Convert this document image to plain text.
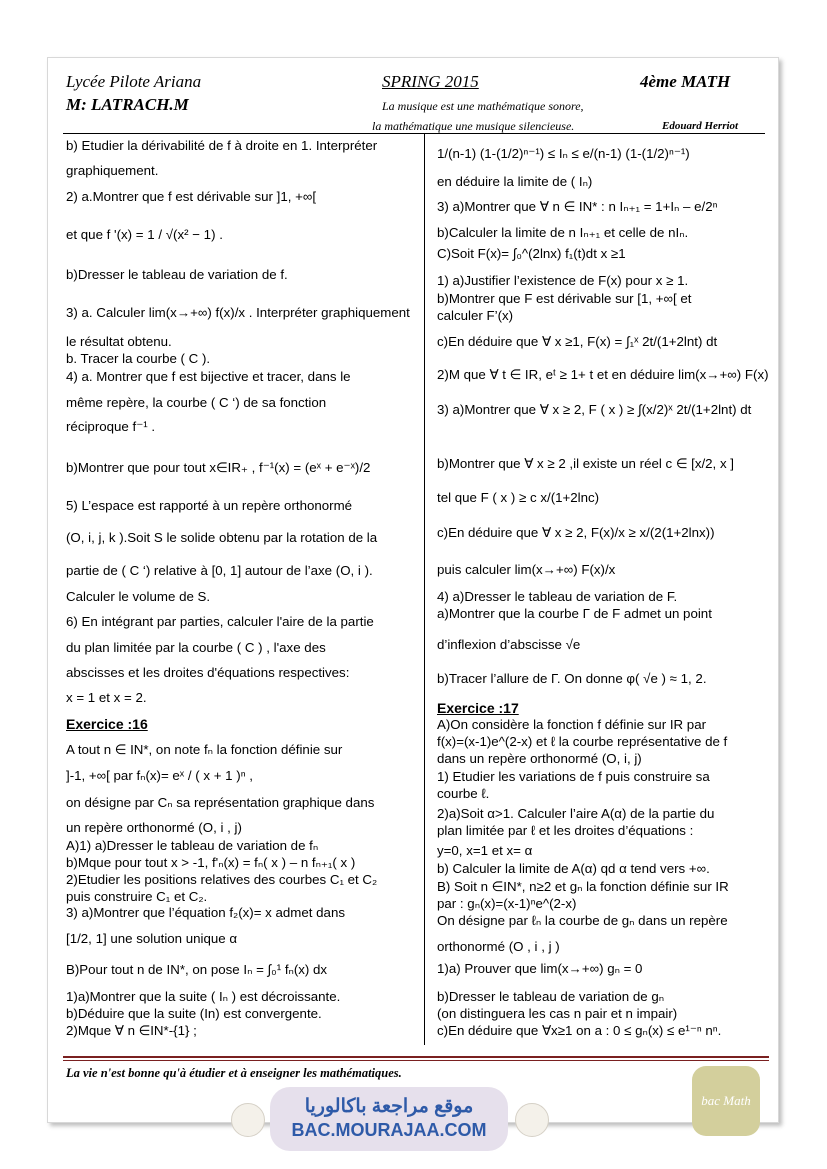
Lycée Pilote Ariana
M: LATRACH.M
SPRING 2015	4ème MATH
La musique est une mathématique sonore,
la mathématique une musique silencieuse.	Edouard Herriot
b) Etudier la dérivabilité de f à droite en 1. Interpréter
graphiquement.
2) a.Montrer que f est dérivable sur ]1, +∞[
et que f '(x) = 1 / √(x² − 1) .
b)Dresser le tableau de variation de f.
3) a. Calculer lim(x→+∞) f(x)/x . Interpréter graphiquement
le résultat obtenu.
b. Tracer la courbe ( C ).
4) a. Montrer que f est bijective et tracer, dans le
même repère, la courbe ( C ‘) de sa fonction
réciproque f⁻¹ .
b)Montrer que pour tout x∈IR₊ , f⁻¹(x) = (eˣ + e⁻ˣ)/2
5) L’espace est rapporté à un repère orthonormé
(O, i, j, k ).Soit S le solide obtenu par la rotation de la
partie de ( C ‘) relative à [0, 1] autour de l’axe (O, i ).
Calculer le volume de S.
6) En intégrant par parties, calculer l'aire de la partie
du plan limitée par la courbe ( C ) , l'axe des
abscisses et les droites d'équations respectives:
x = 1 et x = 2.
Exercice :16
A tout n ∈ IN*, on note fₙ la fonction définie sur
]-1, +∞[ par fₙ(x)= eˣ / ( x + 1 )ⁿ ,
on désigne par Cₙ sa représentation graphique dans
un repère orthonormé (O, i , j)
A)1) a)Dresser le tableau de variation de fₙ
b)Mque pour tout x > -1, f'ₙ(x) = fₙ( x ) – n fₙ₊₁( x )
2)Etudier les positions relatives des courbes C₁ et C₂
puis construire C₁ et C₂.
3) a)Montrer que l’équation f₂(x)= x admet dans
[1/2, 1] une solution unique α
B)Pour tout n de IN*, on pose Iₙ = ∫₀¹ fₙ(x) dx
1)a)Montrer que la suite ( Iₙ ) est décroissante.
b)Déduire que la suite (In) est convergente.
2)Mque ∀ n ∈IN*-{1} ;
1/(n-1) (1-(1/2)ⁿ⁻¹) ≤ Iₙ ≤ e/(n-1) (1-(1/2)ⁿ⁻¹)
en déduire la limite de ( Iₙ)
3) a)Montrer que ∀ n ∈ IN* : n Iₙ₊₁ = 1+Iₙ – e/2ⁿ
b)Calculer la limite de n Iₙ₊₁ et celle de nIₙ.
C)Soit F(x)= ∫₀^(2lnx) f₁(t)dt x ≥1
1) a)Justifier l’existence de F(x) pour x ≥ 1.
b)Montrer que F est dérivable sur [1, +∞[ et
calculer F’(x)
c)En déduire que ∀ x ≥1, F(x) = ∫₁ˣ 2t/(1+2lnt) dt
2)M que ∀ t ∈ IR, eᵗ ≥ 1+ t et en déduire lim(x→+∞) F(x)
3) a)Montrer que ∀ x ≥ 2, F ( x ) ≥ ∫(x/2)ˣ 2t/(1+2lnt) dt
b)Montrer que ∀ x ≥ 2 ,il existe un réel c ∈ [x/2, x ]
tel que F ( x ) ≥ c x/(1+2lnc)
c)En déduire que ∀ x ≥ 2, F(x)/x ≥ x/(2(1+2lnx))
puis calculer lim(x→+∞) F(x)/x
4) a)Dresser le tableau de variation de F.
a)Montrer que la courbe Γ de F admet un point
d’inflexion d’abscisse √e
b)Tracer l’allure de Γ. On donne φ( √e ) ≈ 1, 2.
Exercice :17
A)On considère la fonction f définie sur IR par
f(x)=(x-1)e^(2-x) et ℓ la courbe représentative de f
dans un repère orthonormé (O, i, j)
1) Etudier les variations de f puis construire sa
courbe ℓ.
2)a)Soit α>1. Calculer l’aire A(α) de la partie du
plan limitée par ℓ et les droites d’équations :
y=0, x=1 et x= α
b) Calculer la limite de A(α) qd α tend vers +∞.
B) Soit n ∈IN*, n≥2 et gₙ la fonction définie sur IR
par : gₙ(x)=(x-1)ⁿe^(2-x)
On désigne par ℓₙ la courbe de gₙ dans un repère
orthonormé (O , i , j )
1)a) Prouver que lim(x→+∞) gₙ = 0
b)Dresser le tableau de variation de gₙ
(on distinguera les cas n pair et n impair)
c)En déduire que ∀x≥1 on a : 0 ≤ gₙ(x) ≤ e¹⁻ⁿ nⁿ.
La vie n'est bonne qu'à étudier et à enseigner les mathématiques.
موقع مراجعة باكالوريا
BAC.MOURAJAA.COM
bac Math
